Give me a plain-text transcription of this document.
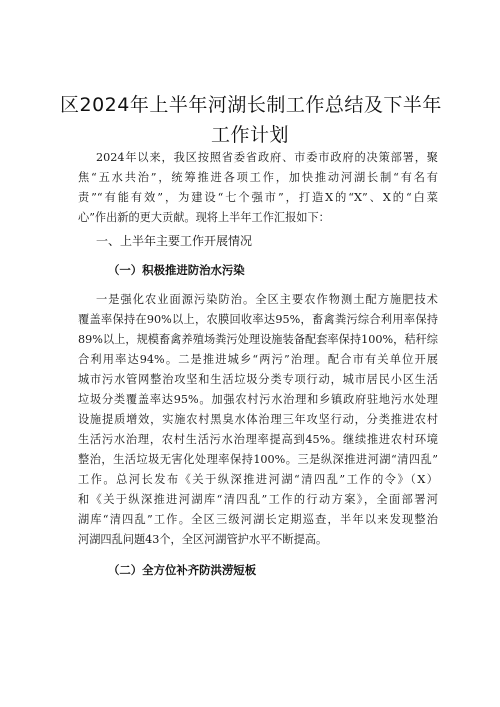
区2024年上半年河湖长制工作总结及下半年
工作计划
2024年以来，我区按照省委省政府、市委市政府的决策部署，聚
焦“五水共治”，统筹推进各项工作，加快推动河湖长制“有名有
责”“有能有效”，为建设“七个强市”，打造X的“X”、X的“白菜
心”作出新的更大贡献。现将上半年工作汇报如下：
一、上半年主要工作开展情况
（一）积极推进防治水污染
一是强化农业面源污染防治。全区主要农作物测土配方施肥技术
覆盖率保持在90%以上，农膜回收率达95%，畜禽粪污综合利用率保持
89%以上，规模畜禽养殖场粪污处理设施装备配套率保持100%，秸秆综
合利用率达94%。二是推进城乡“两污”治理。配合市有关单位开展
城市污水管网整治攻坚和生活垃圾分类专项行动，城市居民小区生活
垃圾分类覆盖率达95%。加强农村污水治理和乡镇政府驻地污水处理
设施提质增效，实施农村黑臭水体治理三年攻坚行动，分类推进农村
生活污水治理，农村生活污水治理率提高到45%。继续推进农村环境
整治，生活垃圾无害化处理率保持100%。三是纵深推进河湖“清四乱”
工作。总河长发布《关于纵深推进河湖“清四乱”工作的令》（X）
和《关于纵深推进河湖库“清四乱”工作的行动方案》，全面部署河
湖库“清四乱”工作。全区三级河湖长定期巡查，半年以来发现整治
河湖四乱问题43个，全区河湖管护水平不断提高。
（二）全方位补齐防洪涝短板
